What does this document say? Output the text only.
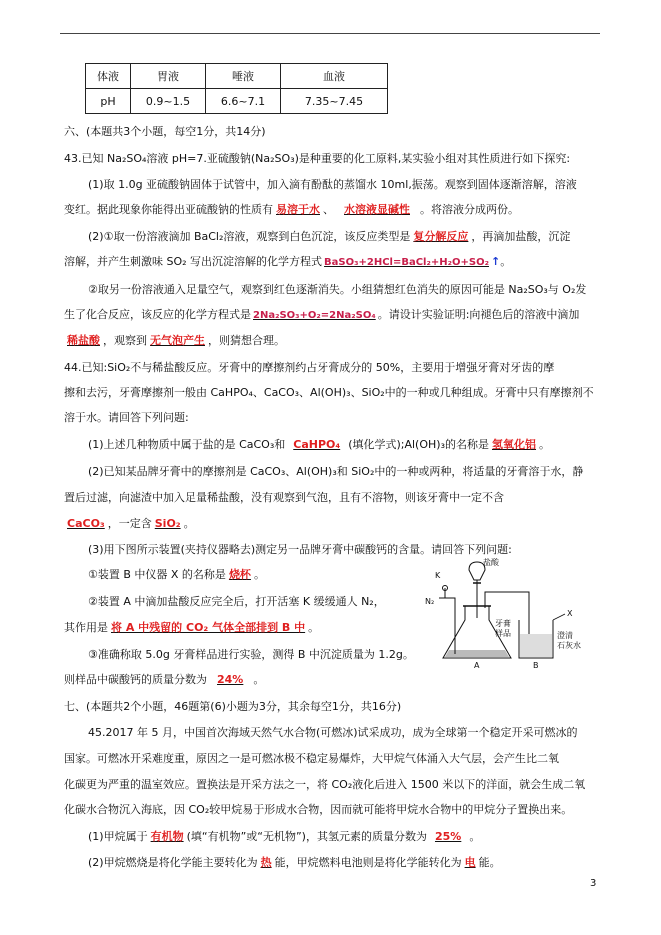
体液	胃液	唾液	血液
pH	0.9~1.5	6.6~7.1	7.35~7.45
六、(本题共3个小题，每空1分，共14分)
43.已知 Na₂SO₄溶液 pH=7.亚硫酸钠(Na₂SO₃)是种重要的化工原料,某实验小组对其性质进行如下探究:
(1)取 1.0g 亚硫酸钠固体于试管中，加入滴有酚酞的蒸馏水 10ml,振荡。观察到固体逐渐溶解，溶液
变红。据此现象你能得出亚硫酸钠的性质有 易溶于水 、 水溶液显碱性 。将溶液分成两份。
(2)①取一份溶液滴加 BaCl₂溶液，观察到白色沉淀，该反应类型是 复分解反应 ，再滴加盐酸，沉淀
溶解，并产生刺激味 SO₂ 写出沉淀溶解的化学方程式 BaSO₃+2HCl=BaCl₂+H₂O+SO₂ ↑。
②取另一份溶液通入足量空气，观察到红色逐渐消失。小组猜想红色消失的原因可能是 Na₂SO₃与 O₂发
生了化合反应，该反应的化学方程式是 2Na₂SO₃+O₂=2Na₂SO₄ 。请设计实验证明:向褪色后的溶液中滴加
稀盐酸 ，观察到 无气泡产生 ，则猜想合理。
44.已知:SiO₂不与稀盐酸反应。牙膏中的摩擦剂约占牙膏成分的 50%，主要用于增强牙膏对牙齿的摩
擦和去污，牙膏摩擦剂一般由 CaHPO₄、CaCO₃、Al(OH)₃、SiO₂中的一种或几种组成。牙膏中只有摩擦剂不
溶于水。请回答下列问题:
(1)上述几种物质中属于盐的是 CaCO₃和 CaHPO₄ (填化学式);Al(OH)₃的名称是 氢氧化铝 。
(2)已知某品牌牙膏中的摩擦剂是 CaCO₃、Al(OH)₃和 SiO₂中的一种或两种，将适量的牙膏溶于水，静
置后过滤，向滤渣中加入足量稀盐酸，没有观察到气泡，且有不溶物，则该牙膏中一定不含
CaCO₃ ，一定含 SiO₂ 。
(3)用下图所示装置(夹持仪器略去)测定另一品牌牙膏中碳酸钙的含量。请回答下列问题:
①装置 B 中仪器 X 的名称是 烧杯 。
②装置 A 中滴加盐酸反应完全后，打开活塞 K 缓缓通人 N₂，
其作用是 将 A 中残留的 CO₂ 气体全部排到 B 中 。
③准确称取 5.0g 牙膏样品进行实验，测得 B 中沉淀质量为 1.2g。
则样品中碳酸钙的质量分数为 24% 。
盐酸
K
N₂
牙膏
样品
A
X
澄清
石灰水
B
七、(本题共2个小题，46题第(6)小题为3分，其余每空1分，共16分)
45.2017 年 5 月，中国首次海域天然气水合物(可燃冰)试采成功，成为全球第一个稳定开采可燃冰的
国家。可燃冰开采难度重，原因之一是可燃冰极不稳定易爆炸，大甲烷气体涌入大气层，会产生比二氧
化碳更为严重的温室效应。置换法是开采方法之一，将 CO₂液化后进入 1500 米以下的洋面，就会生成二氧
化碳水合物沉入海底，因 CO₂较甲烷易于形成水合物，因而就可能将甲烷水合物中的甲烷分子置换出来。
(1)甲烷属于 有机物 (填“有机物”或“无机物”)，其氢元素的质量分数为 25% 。
(2)甲烷燃烧是将化学能主要转化为 热 能，甲烷燃料电池则是将化学能转化为 电 能。
3
